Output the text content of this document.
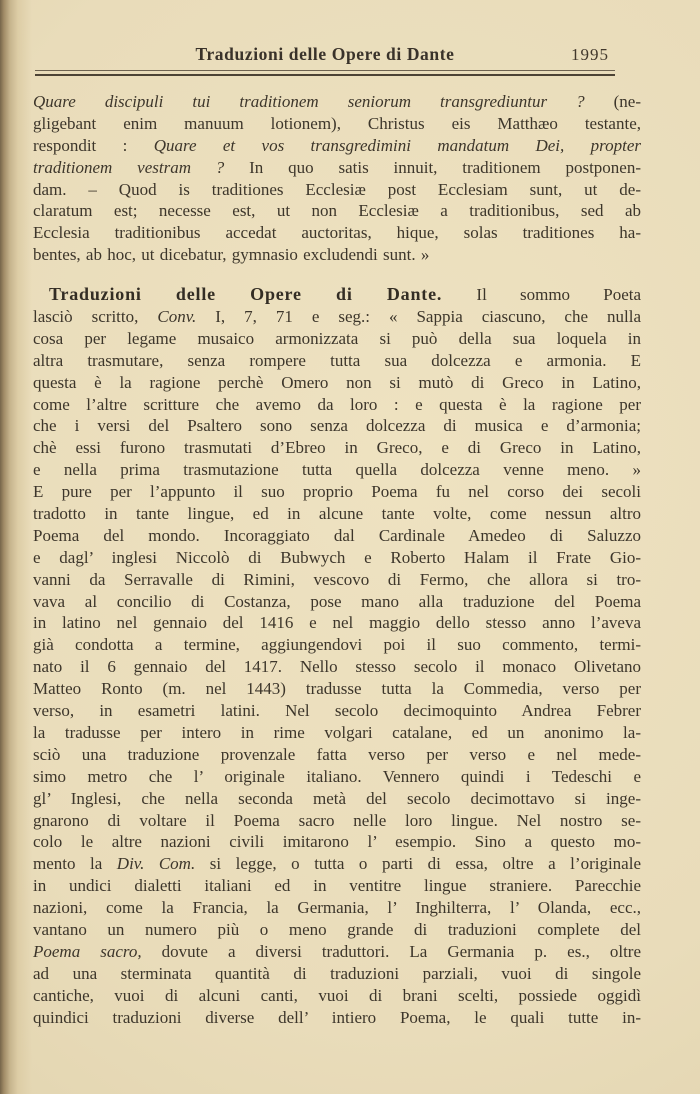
Traduzioni delle Opere di Dante	1995
Quare discipuli tui traditionem seniorum transgrediuntur ? (ne-
gligebant enim manuum lotionem), Christus eis Matthæo testante,
respondit : Quare et vos transgredimini mandatum Dei, propter
traditionem vestram ? In quo satis innuit, traditionem postponen-
dam. – Quod is traditiones Ecclesiæ post Ecclesiam sunt, ut de-
claratum est; necesse est, ut non Ecclesiæ a traditionibus, sed ab
Ecclesia traditionibus accedat auctoritas, hique, solas traditiones ha-
bentes, ab hoc, ut dicebatur, gymnasio excludendi sunt. »
Traduzioni delle Opere di Dante. Il sommo Poeta
lasciò scritto, Conv. I, 7, 71 e seg.: « Sappia ciascuno, che nulla
cosa per legame musaico armonizzata si può della sua loquela in
altra trasmutare, senza rompere tutta sua dolcezza e armonia. E
questa è la ragione perchè Omero non si mutò di Greco in Latino,
come l’altre scritture che avemo da loro : e questa è la ragione per
che i versi del Psaltero sono senza dolcezza di musica e d’armonia;
chè essi furono trasmutati d’Ebreo in Greco, e di Greco in Latino,
e nella prima trasmutazione tutta quella dolcezza venne meno. »
E pure per l’appunto il suo proprio Poema fu nel corso dei secoli
tradotto in tante lingue, ed in alcune tante volte, come nessun altro
Poema del mondo. Incoraggiato dal Cardinale Amedeo di Saluzzo
e dagl’ inglesi Niccolò di Bubwych e Roberto Halam il Frate Gio-
vanni da Serravalle di Rimini, vescovo di Fermo, che allora si tro-
vava al concilio di Costanza, pose mano alla traduzione del Poema
in latino nel gennaio del 1416 e nel maggio dello stesso anno l’aveva
già condotta a termine, aggiungendovi poi il suo commento, termi-
nato il 6 gennaio del 1417. Nello stesso secolo il monaco Olivetano
Matteo Ronto (m. nel 1443) tradusse tutta la Commedia, verso per
verso, in esametri latini. Nel secolo decimoquinto Andrea Febrer
la tradusse per intero in rime volgari catalane, ed un anonimo la-
sciò una traduzione provenzale fatta verso per verso e nel mede-
simo metro che l’ originale italiano. Vennero quindi i Tedeschi e
gl’ Inglesi, che nella seconda metà del secolo decimottavo si inge-
gnarono di voltare il Poema sacro nelle loro lingue. Nel nostro se-
colo le altre nazioni civili imitarono l’ esempio. Sino a questo mo-
mento la Div. Com. si legge, o tutta o parti di essa, oltre a l’originale
in undici dialetti italiani ed in ventitre lingue straniere. Parecchie
nazioni, come la Francia, la Germania, l’ Inghilterra, l’ Olanda, ecc.,
vantano un numero più o meno grande di traduzioni complete del
Poema sacro, dovute a diversi traduttori. La Germania p. es., oltre
ad una sterminata quantità di traduzioni parziali, vuoi di singole
cantiche, vuoi di alcuni canti, vuoi di brani scelti, possiede oggidì
quindici traduzioni diverse dell’ intiero Poema, le quali tutte in-
